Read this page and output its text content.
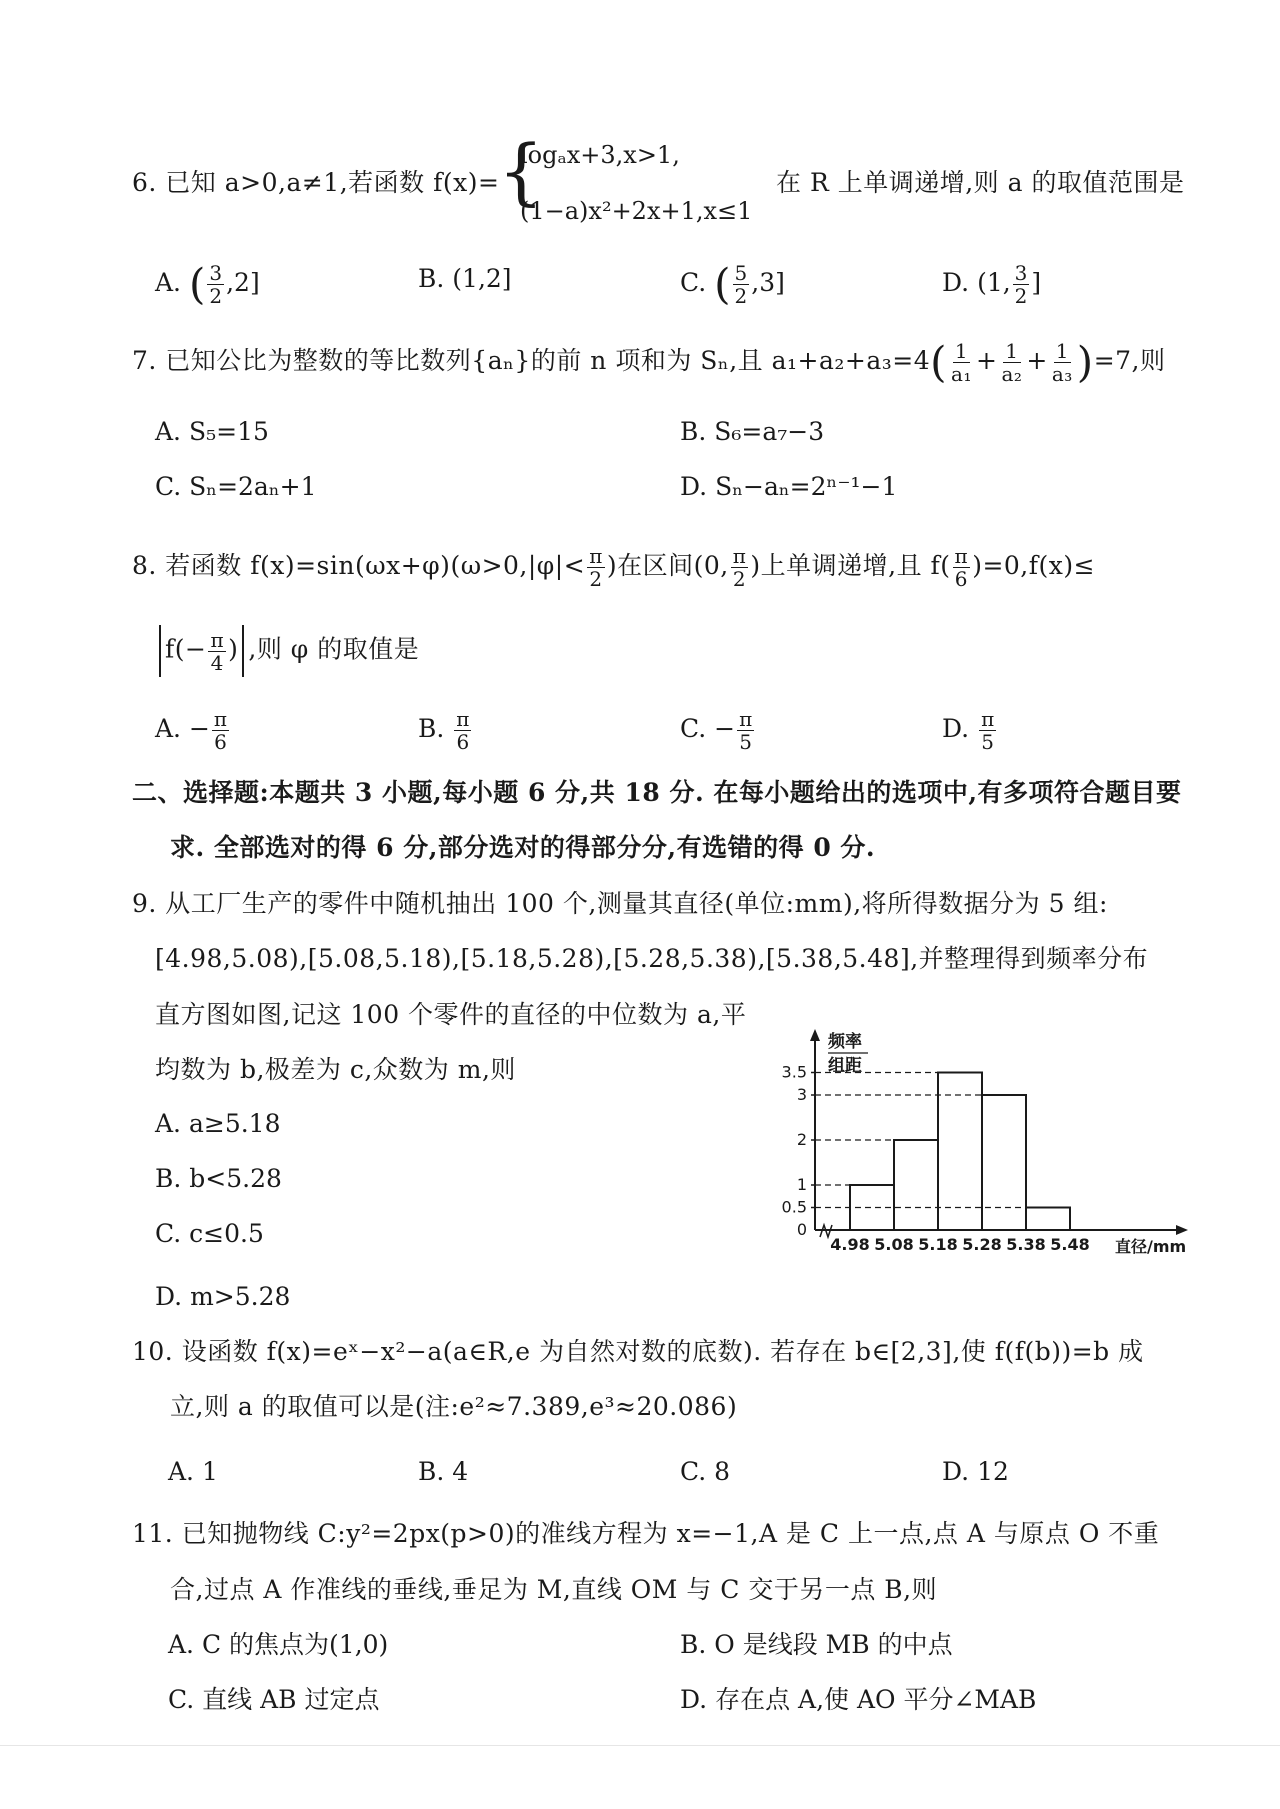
6. 已知 a>0,a≠1,若函数 f(x)=
{
logₐx+3,x>1,
(1−a)x²+2x+1,x≤1
在 R 上单调递增,则 a 的取值范围是
A. ( $\frac{3}{2} ,2$]	B. (1,2]	C. ( $\frac{5}{2} ,3$]	D. (1, $\frac{3}{2}$ ]
7. 已知公比为整数的等比数列{aₙ}的前 n 项和为 Sₙ,且 $a_1+a_2+a_3=4( \frac{1}{\text{a₁}} + \frac{1}{\text{a₂}} + \frac{1}{\text{a₃}} )=7$,则
A. S₅=15	B. S₆=a₇−3
C. Sₙ=2aₙ+1	D. Sₙ−aₙ=2ⁿ⁻¹−1
8. 若函数 $f(x)=\sin(\omega x+\varphi)(\omega>0,|\varphi|< \frac{\pi}{2}$ )在区间(0, $\frac{\pi}{2}$ )上单调递增,且 $f( \frac{\pi}{6} )=0,f(x)\le$
$f(- \frac{\pi}{4}$ ) ,则 φ 的取值是
A. − $\frac{\pi}{6}$	B. $\frac{\pi}{6}$	C. − $\frac{\pi}{5}$	D. $\frac{\pi}{5}$
二、选择题:本题共 3 小题,每小题 6 分,共 18 分. 在每小题给出的选项中,有多项符合题目要
求. 全部选对的得 6 分,部分选对的得部分分,有选错的得 0 分.
9. 从工厂生产的零件中随机抽出 100 个,测量其直径(单位:mm),将所得数据分为 5 组:
[4.98,5.08),[5.08,5.18),[5.18,5.28),[5.28,5.38),[5.38,5.48],并整理得到频率分布
直方图如图,记这 100 个零件的直径的中位数为 a,平
均数为 b,极差为 c,众数为 m,则
A. a≥5.18
B. b<5.28
C. c≤0.5
D. m>5.28
频率
组距
直径/mm
0
0.5
1
2
3
3.5
4.98 5.08 5.18 5.28 5.38 5.48
10. 设函数 f(x)=eˣ−x²−a(a∈R,e 为自然对数的底数). 若存在 b∈[2,3],使 f(f(b))=b 成
立,则 a 的取值可以是(注:e²≈7.389,e³≈20.086)
A. 1	B. 4	C. 8	D. 12
11. 已知抛物线 C:y²=2px(p>0)的准线方程为 x=−1,A 是 C 上一点,点 A 与原点 O 不重
合,过点 A 作准线的垂线,垂足为 M,直线 OM 与 C 交于另一点 B,则
A. C 的焦点为(1,0)	B. O 是线段 MB 的中点
C. 直线 AB 过定点	D. 存在点 A,使 AO 平分∠MAB
